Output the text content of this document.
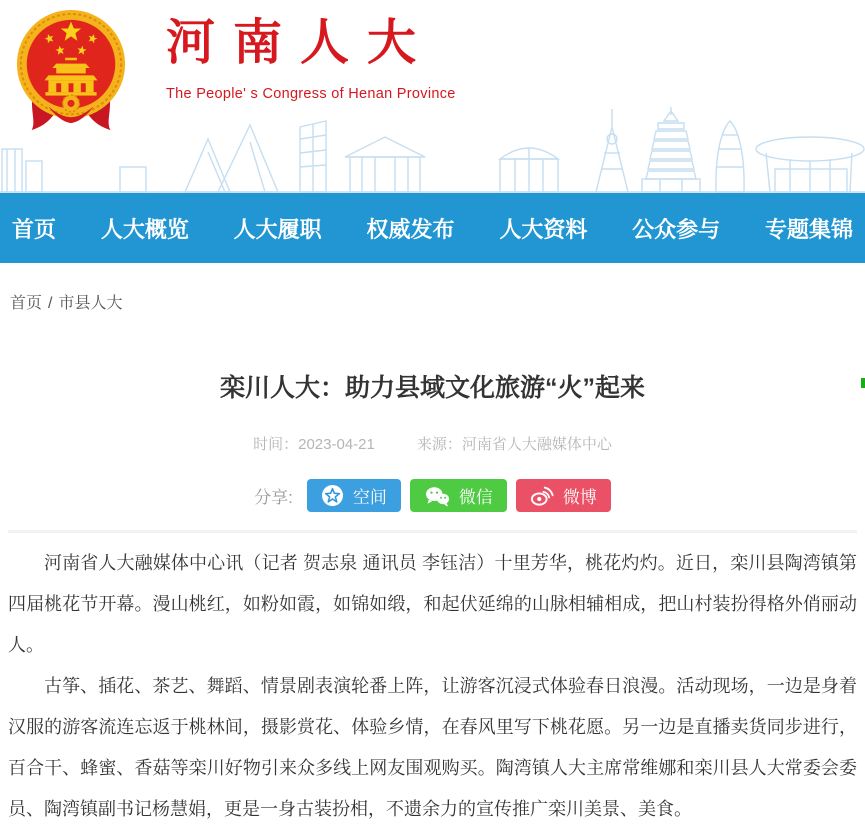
河南人大
The People' s Congress of Henan Province
首页 人大概览 人大履职 权威发布 人大资料 公众参与 专题集锦
首页 / 市县人大
栾川人大：助力县域文化旅游“火”起来
时间：2023-04-21	来源：河南省人大融媒体中心
分享:	空间	微信	微博

河南省人大融媒体中心讯（记者 贺志泉 通讯员 李钰洁）十里芳华，桃花灼灼。近日，栾川县陶湾镇第四届桃花节开幕。漫山桃红，如粉如霞，如锦如缎，和起伏延绵的山脉相辅相成，把山村装扮得格外俏丽动人。

古筝、插花、茶艺、舞蹈、情景剧表演轮番上阵，让游客沉浸式体验春日浪漫。活动现场，一边是身着汉服的游客流连忘返于桃林间，摄影赏花、体验乡情，在春风里写下桃花愿。另一边是直播卖货同步进行，百合干、蜂蜜、香菇等栾川好物引来众多线上网友围观购买。陶湾镇人大主席常维娜和栾川县人大常委会委员、陶湾镇副书记杨慧娟，更是一身古装扮相，不遗余力的宣传推广栾川美景、美食。
